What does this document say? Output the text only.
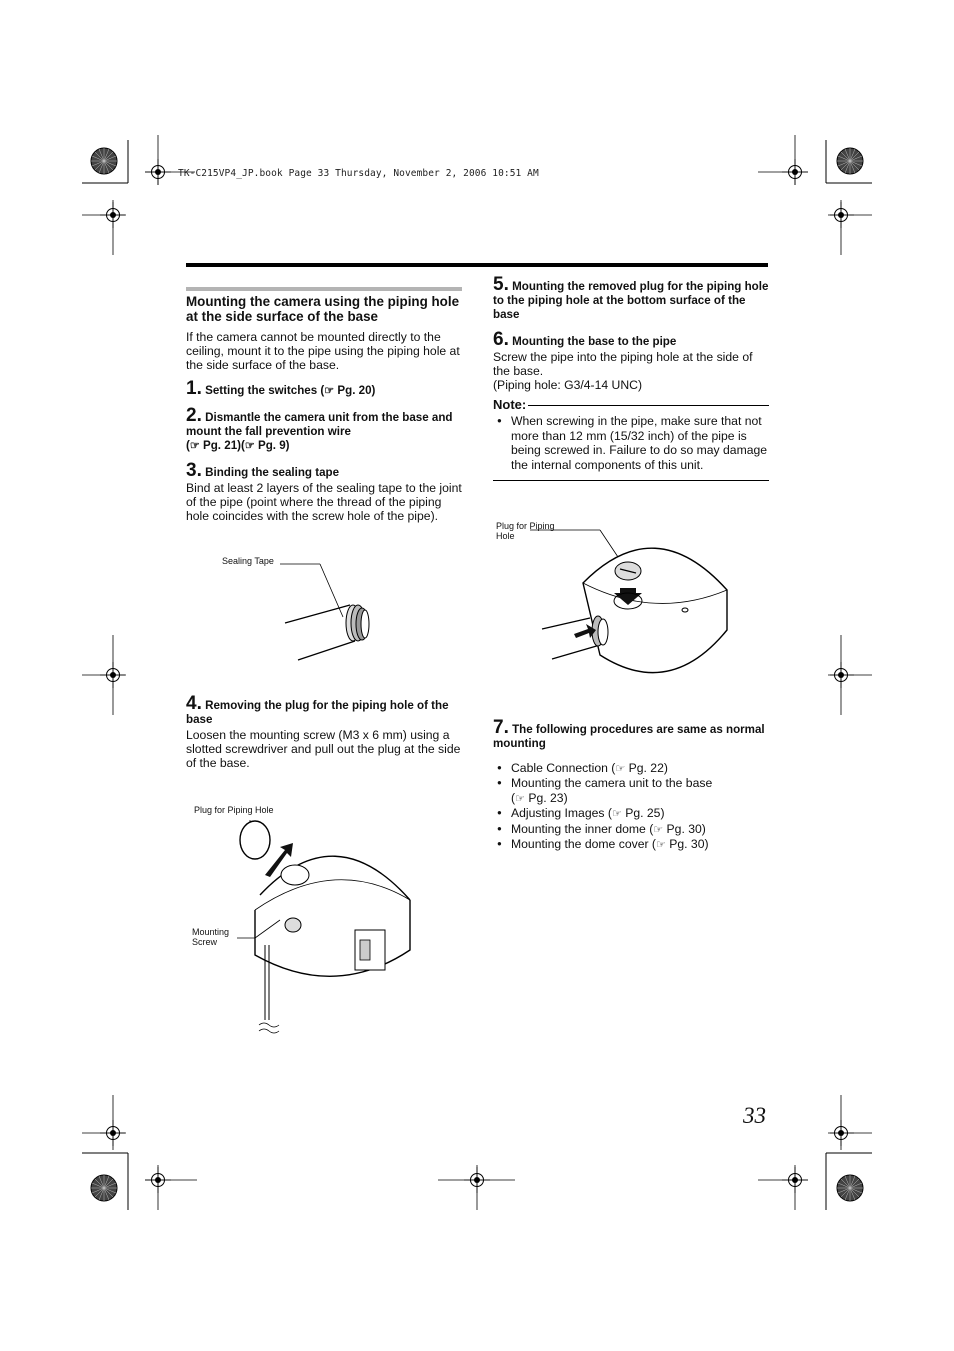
TK-C215VP4_JP.book Page 33 Thursday, November 2, 2006 10:51 AM
Mounting the camera using the piping hole at the side surface of the base

If the camera cannot be mounted directly to the ceiling, mount it to the pipe using the piping hole at the side surface of the base.

1. Setting the switches (☞ Pg. 20)
2. Dismantle the camera unit from the base and mount the fall prevention wire
(☞ Pg. 21)(☞ Pg. 9)
3. Binding the sealing tape

Bind at least 2 layers of the sealing tape to the joint of the pipe (point where the thread of the piping hole coincides with the screw hole of the pipe).

Sealing Tape
4. Removing the plug for the piping hole of the base

Loosen the mounting screw (M3 x 6 mm) using a slotted screwdriver and pull out the plug at the side of the base.

Plug for Piping Hole
Mounting
Screw
5. Mounting the removed plug for the piping hole to the piping hole at the bottom surface of the base
6. Mounting the base to the pipe

Screw the pipe into the piping hole at the side of the base.

(Piping hole: G3/4-14 UNC)

Note:
● When screwing in the pipe, make sure that not more than 12 mm (15/32 inch) of the pipe is being screwed in. Failure to do so may damage the internal components of this unit.
Plug for Piping
Hole
7. The following procedures are same as normal mounting
● Cable Connection (☞ Pg. 22)
● Mounting the camera unit to the base
(☞ Pg. 23)
● Adjusting Images (☞ Pg. 25)
● Mounting the inner dome (☞ Pg. 30)
● Mounting the dome cover (☞ Pg. 30)
33
